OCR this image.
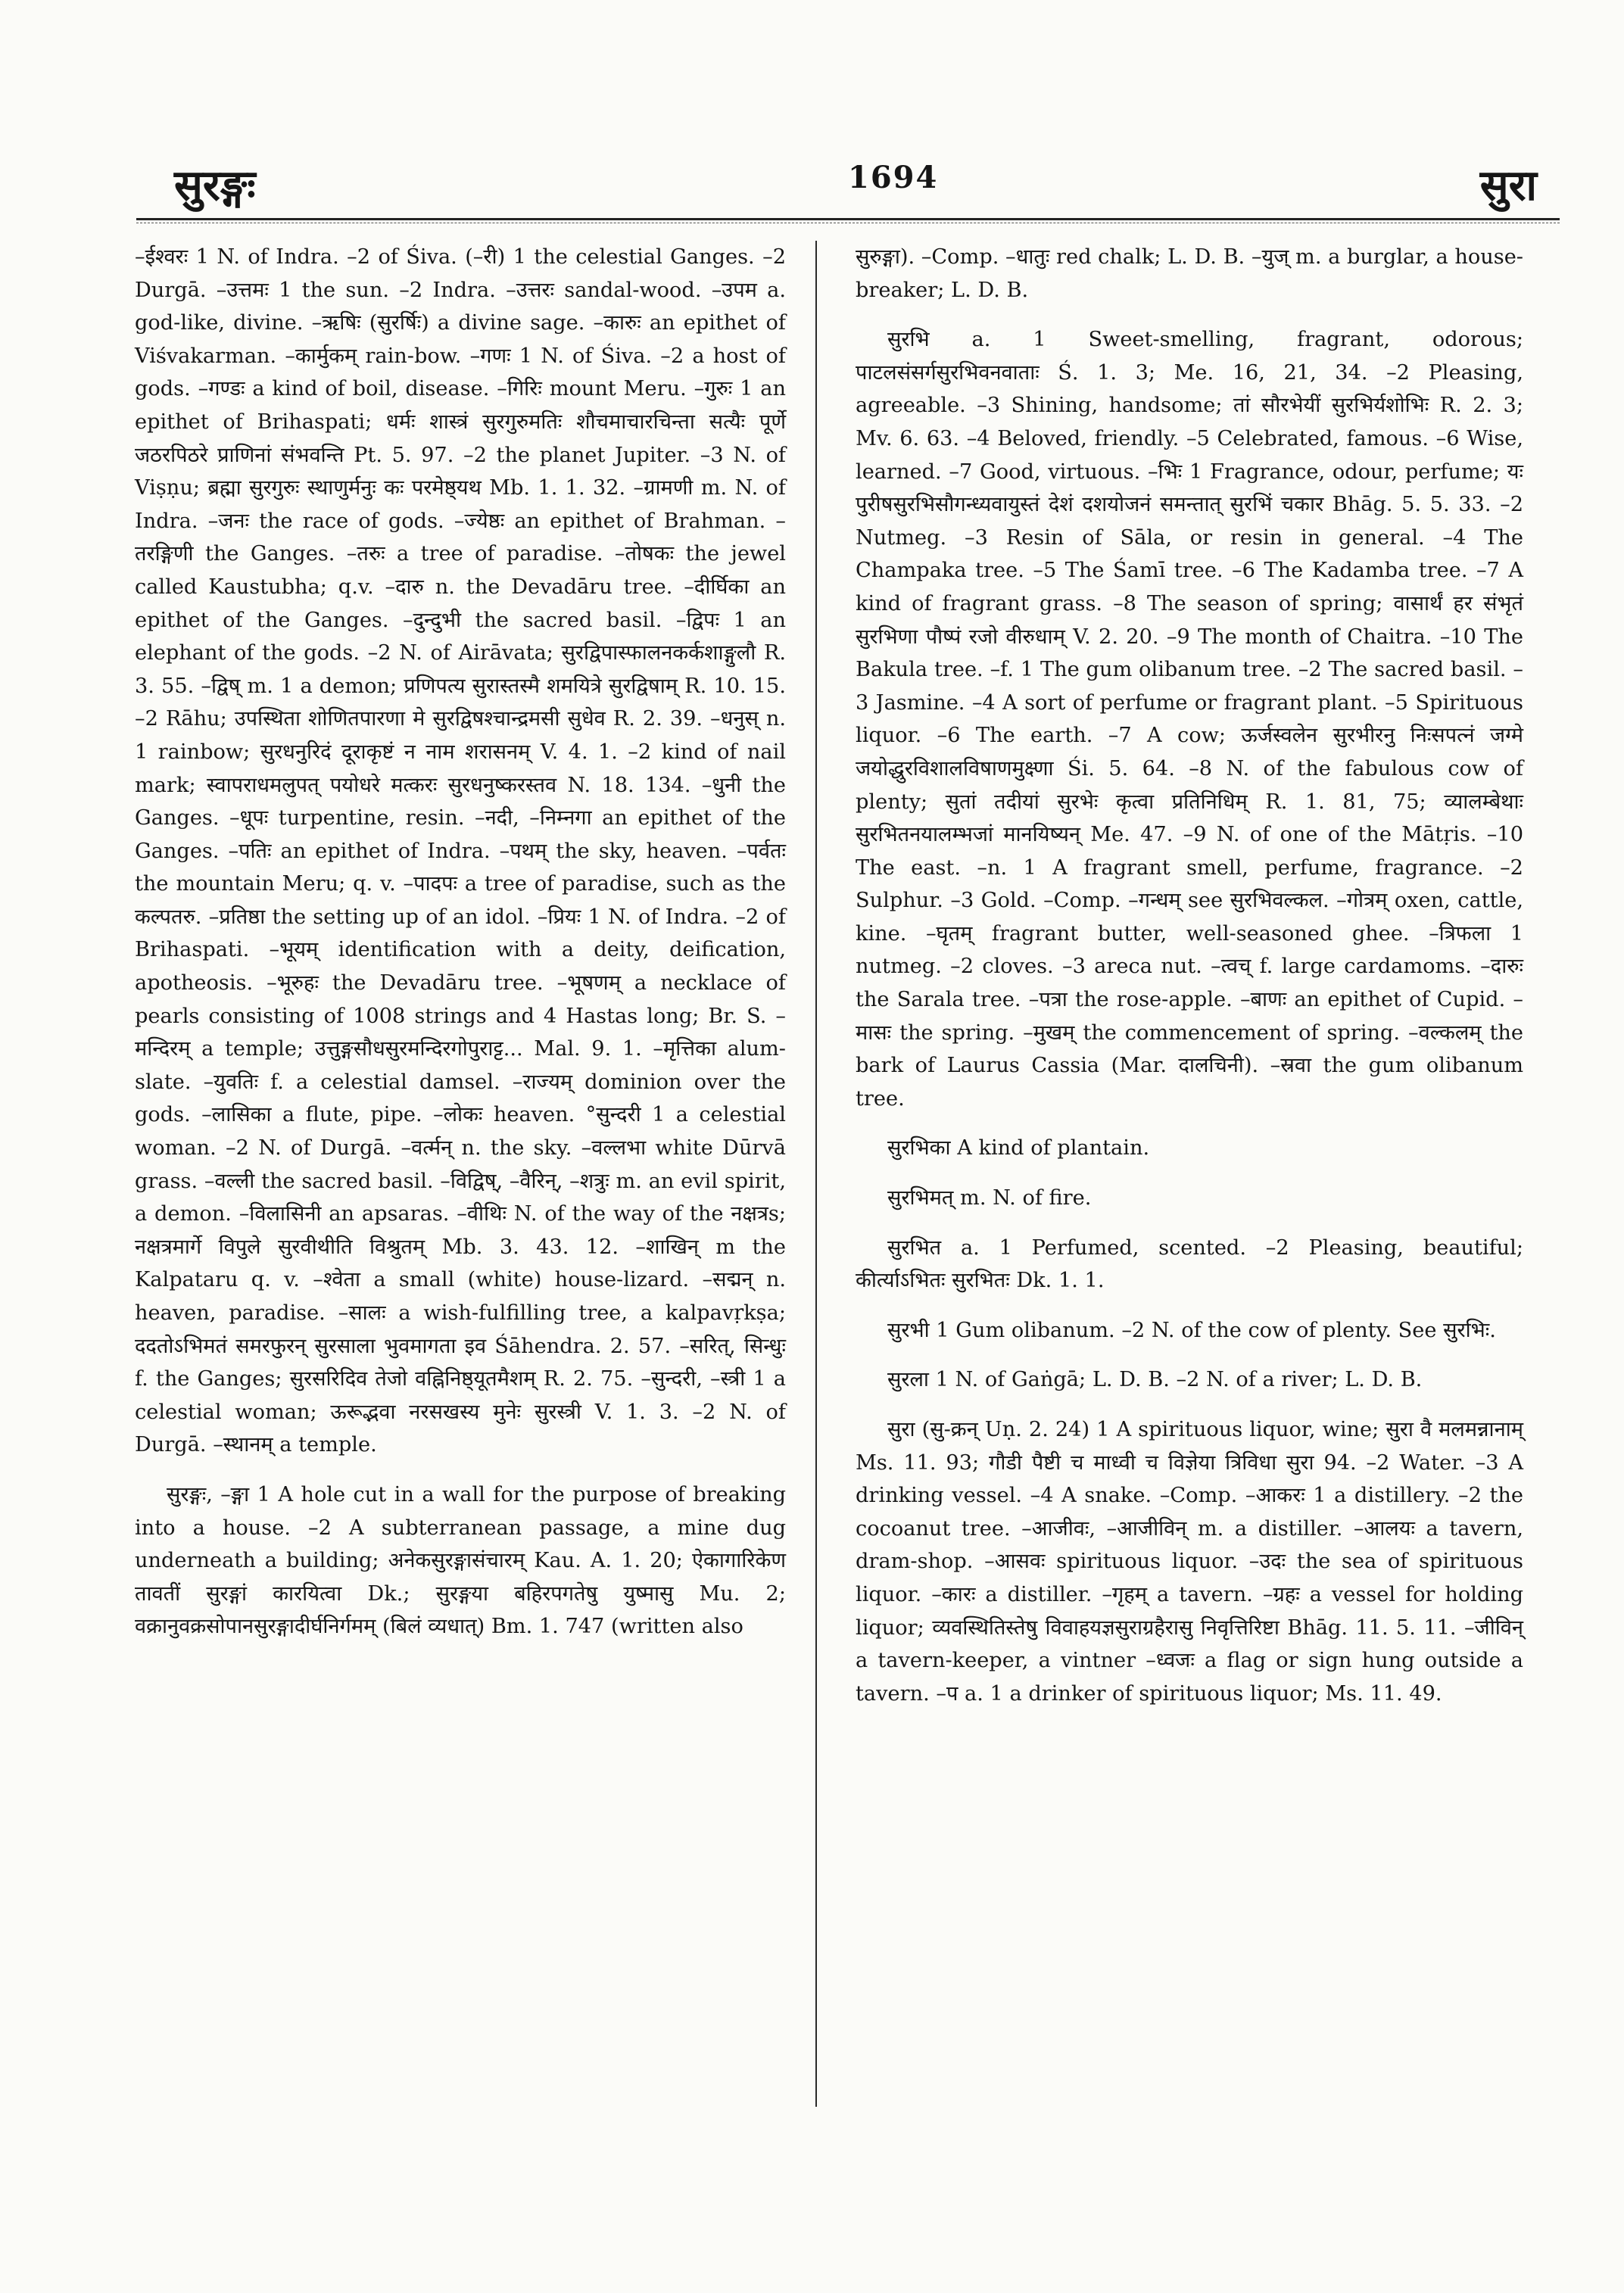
सुरङ्गः	1694	सुरा

–ईश्वरः 1 N. of Indra. –2 of Śiva. (–री) 1 the celestial Ganges. –2 Durgā. –उत्तमः 1 the sun. –2 Indra. –उत्तरः sandal-wood. –उपम a. god-like, divine. –ऋषिः (सुरर्षिः) a divine sage. –कारुः an epithet of Viśvakarman. –कार्मुकम् rain-bow. –गणः 1 N. of Śiva. –2 a host of gods. –गण्डः a kind of boil, disease. –गिरिः mount Meru. –गुरुः 1 an epithet of Brihaspati; धर्मः शास्त्रं सुरगुरुमतिः शौचमाचारचिन्ता सत्यैः पूर्णे जठरपिठरे प्राणिनां संभवन्ति Pt. 5. 97. –2 the planet Jupiter. –3 N. of Viṣṇu; ब्रह्मा सुरगुरुः स्थाणुर्मनुः कः परमेष्ठ्यथ Mb. 1. 1. 32. –ग्रामणी m. N. of Indra. –जनः the race of gods. –ज्येष्ठः an epithet of Brahman. –तरङ्गिणी the Ganges. –तरुः a tree of paradise. –तोषकः the jewel called Kaustubha; q.v. –दारु n. the Devadāru tree. –दीर्घिका an epithet of the Ganges. –दुन्दुभी the sacred basil. –द्विपः 1 an elephant of the gods. –2 N. of Airāvata; सुरद्विपास्फालनकर्कशाङ्गुलौ R. 3. 55. –द्विष् m. 1 a demon; प्रणिपत्य सुरास्तस्मै शमयित्रे सुरद्विषाम् R. 10. 15. –2 Rāhu; उपस्थिता शोणितपारणा मे सुरद्विषश्चान्द्रमसी सुधेव R. 2. 39. –धनुस् n. 1 rainbow; सुरधनुरिदं दूराकृष्टं न नाम शरासनम् V. 4. 1. –2 kind of nail mark; स्वापराधमलुपत् पयोधरे मत्करः सुरधनुष्करस्तव N. 18. 134. –धुनी the Ganges. –धूपः turpentine, resin. –नदी, –निम्नगा an epithet of the Ganges. –पतिः an epithet of Indra. –पथम् the sky, heaven. –पर्वतः the mountain Meru; q. v. –पादपः a tree of paradise, such as the कल्पतरु. –प्रतिष्ठा the setting up of an idol. –प्रियः 1 N. of Indra. –2 of Brihaspati. –भूयम् identification with a deity, deification, apotheosis. –भूरुहः the Devadāru tree. –भूषणम् a necklace of pearls consisting of 1008 strings and 4 Hastas long; Br. S. –मन्दिरम् a temple; उत्तुङ्गसौधसुरमन्दिरगोपुराट्ट... Mal. 9. 1. –मृत्तिका alum-slate. –युवतिः f. a celestial damsel. –राज्यम् dominion over the gods. –लासिका a flute, pipe. –लोकः heaven. °सुन्दरी 1 a celestial woman. –2 N. of Durgā. –वर्त्मन् n. the sky. –वल्लभा white Dūrvā grass. –वल्ली the sacred basil. –विद्विष्, –वैरिन्, –शत्रुः m. an evil spirit, a demon. –विलासिनी an apsaras. –वीथिः N. of the way of the नक्षत्रs; नक्षत्रमार्गे विपुले सुरवीथीति विश्रुतम् Mb. 3. 43. 12. –शाखिन् m the Kalpataru q. v. –श्वेता a small (white) house-lizard. –सद्मन् n. heaven, paradise. –सालः a wish-fulfilling tree, a kalpavṛkṣa; ददतोऽभिमतं समरफुरन् सुरसाला भुवमागता इव Śāhendra. 2. 57. –सरित्, सिन्धुः f. the Ganges; सुरसरिदिव तेजो वह्निनिष्ठ्यूतमैशम् R. 2. 75. –सुन्दरी, –स्त्री 1 a celestial woman; ऊरूद्भवा नरसखस्य मुनेः सुरस्त्री V. 1. 3. –2 N. of Durgā. –स्थानम् a temple.

सुरङ्गः, –ङ्गा 1 A hole cut in a wall for the purpose of breaking into a house. –2 A subterranean passage, a mine dug underneath a building; अनेकसुरङ्गासंचारम् Kau. A. 1. 20; ऐकागारिकेण तावतीं सुरङ्गां कारयित्वा Dk.; सुरङ्गया बहिरपगतेषु युष्मासु Mu. 2; वक्रानुवक्रसोपानसुरङ्गादीर्घनिर्गमम् (बिलं व्यधात्) Bm. 1. 747 (written also

सुरुङ्गा). –Comp. –धातुः red chalk; L. D. B. –युज् m. a burglar, a house-breaker; L. D. B.

सुरभि a. 1 Sweet-smelling, fragrant, odorous; पाटलसंसर्गसुरभिवनवाताः Ś. 1. 3; Me. 16, 21, 34. –2 Pleasing, agreeable. –3 Shining, handsome; तां सौरभेयीं सुरभिर्यशोभिः R. 2. 3; Mv. 6. 63. –4 Beloved, friendly. –5 Celebrated, famous. –6 Wise, learned. –7 Good, virtuous. –भिः 1 Fragrance, odour, perfume; यः पुरीषसुरभिसौगन्ध्यवायुस्तं देशं दशयोजनं समन्तात् सुरभिं चकार Bhāg. 5. 5. 33. –2 Nutmeg. –3 Resin of Sāla, or resin in general. –4 The Champaka tree. –5 The Śamī tree. –6 The Kadamba tree. –7 A kind of fragrant grass. –8 The season of spring; वासार्थं हर संभृतं सुरभिणा पौष्पं रजो वीरुधाम् V. 2. 20. –9 The month of Chaitra. –10 The Bakula tree. –f. 1 The gum olibanum tree. –2 The sacred basil. –3 Jasmine. –4 A sort of perfume or fragrant plant. –5 Spirituous liquor. –6 The earth. –7 A cow; ऊर्जस्वलेन सुरभीरनु निःसपत्नं जग्मे जयोद्धुरविशालविषाणमुक्ष्णा Śi. 5. 64. –8 N. of the fabulous cow of plenty; सुतां तदीयां सुरभेः कृत्वा प्रतिनिधिम् R. 1. 81, 75; व्यालम्बेथाः सुरभितनयालम्भजां मानयिष्यन् Me. 47. –9 N. of one of the Mātṛis. –10 The east. –n. 1 A fragrant smell, perfume, fragrance. –2 Sulphur. –3 Gold. –Comp. –गन्धम् see सुरभिवल्कल. –गोत्रम् oxen, cattle, kine. –घृतम् fragrant butter, well-seasoned ghee. –त्रिफला 1 nutmeg. –2 cloves. –3 areca nut. –त्वच् f. large cardamoms. –दारुः the Sarala tree. –पत्रा the rose-apple. –बाणः an epithet of Cupid. –मासः the spring. –मुखम् the commencement of spring. –वल्कलम् the bark of Laurus Cassia (Mar. दालचिनी). –स्रवा the gum olibanum tree.

सुरभिका A kind of plantain.

सुरभिमत् m. N. of fire.

सुरभित a. 1 Perfumed, scented. –2 Pleasing, beautiful; कीर्त्याऽभितः सुरभितः Dk. 1. 1.

सुरभी 1 Gum olibanum. –2 N. of the cow of plenty. See सुरभिः.

सुरला 1 N. of Gaṅgā; L. D. B. –2 N. of a river; L. D. B.

सुरा (सु-क्रन् Uṇ. 2. 24) 1 A spirituous liquor, wine; सुरा वै मलमन्नानाम् Ms. 11. 93; गौडी पैष्टी च माध्वी च विज्ञेया त्रिविधा सुरा 94. –2 Water. –3 A drinking vessel. –4 A snake. –Comp. –आकरः 1 a distillery. –2 the cocoanut tree. –आजीवः, –आजीविन् m. a distiller. –आलयः a tavern, dram-shop. –आसवः spirituous liquor. –उदः the sea of spirituous liquor. –कारः a distiller. –गृहम् a tavern. –ग्रहः a vessel for holding liquor; व्यवस्थितिस्तेषु विवाहयज्ञसुराग्रहैरासु निवृत्तिरिष्टा Bhāg. 11. 5. 11. –जीविन् a tavern-keeper, a vintner –ध्वजः a flag or sign hung outside a tavern. –प a. 1 a drinker of spirituous liquor; Ms. 11. 49.
